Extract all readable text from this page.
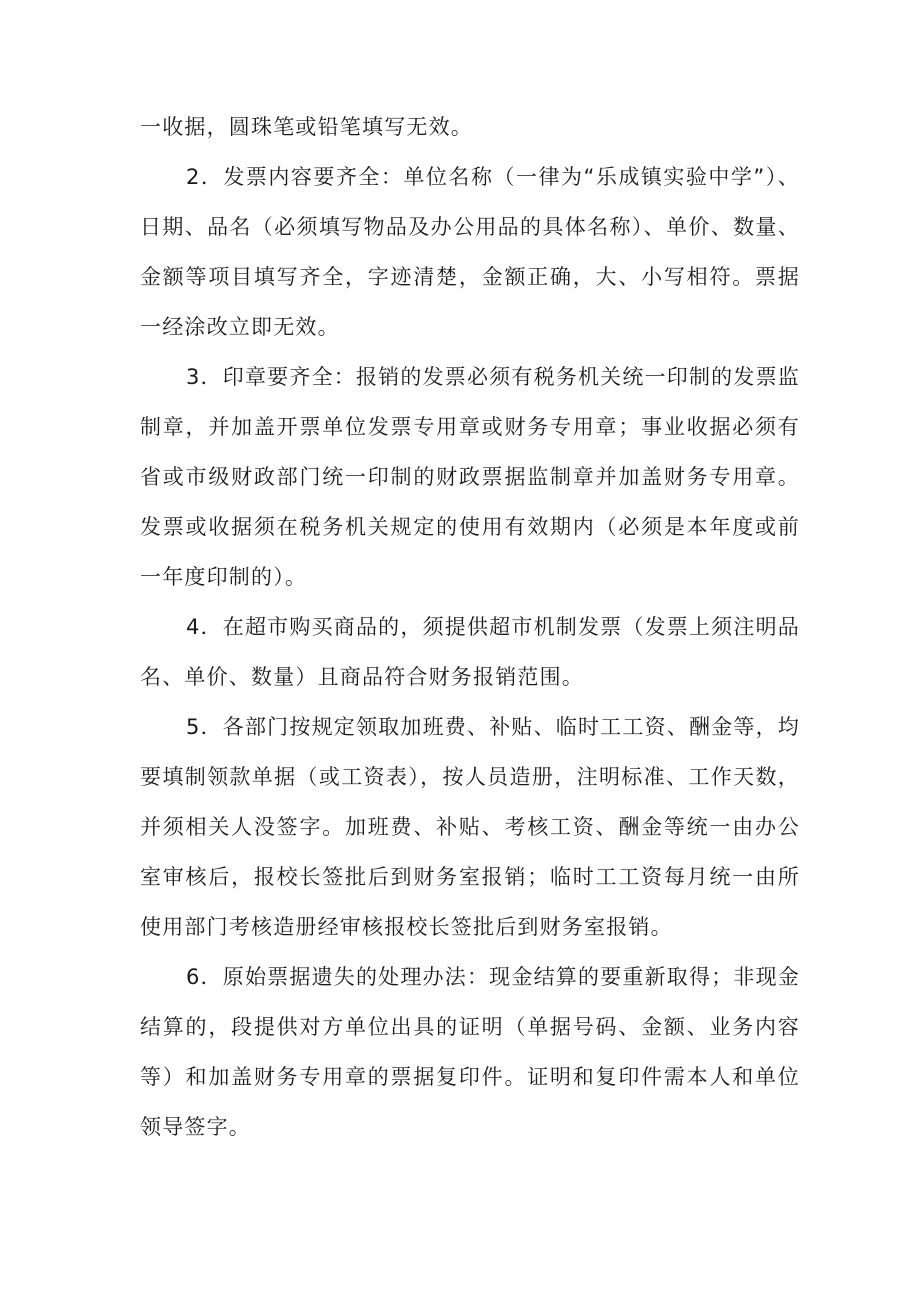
一收据，圆珠笔或铅笔填写无效。

2．发票内容要齐全：单位名称（一律为“乐成镇实验中学”）、日期、品名（必须填写物品及办公用品的具体名称）、单价、数量、金额等项目填写齐全，字迹清楚，金额正确，大、小写相符。票据一经涂改立即无效。

3．印章要齐全：报销的发票必须有税务机关统一印制的发票监制章，并加盖开票单位发票专用章或财务专用章；事业收据必须有省或市级财政部门统一印制的财政票据监制章并加盖财务专用章。发票或收据须在税务机关规定的使用有效期内（必须是本年度或前一年度印制的）。

4．在超市购买商品的，须提供超市机制发票（发票上须注明品名、单价、数量）且商品符合财务报销范围。

5．各部门按规定领取加班费、补贴、临时工工资、酬金等，均要填制领款单据（或工资表），按人员造册，注明标准、工作天数，并须相关人没签字。加班费、补贴、考核工资、酬金等统一由办公室审核后，报校长签批后到财务室报销；临时工工资每月统一由所使用部门考核造册经审核报校长签批后到财务室报销。

6．原始票据遗失的处理办法：现金结算的要重新取得；非现金结算的，段提供对方单位出具的证明（单据号码、金额、业务内容等）和加盖财务专用章的票据复印件。证明和复印件需本人和单位领导签字。
